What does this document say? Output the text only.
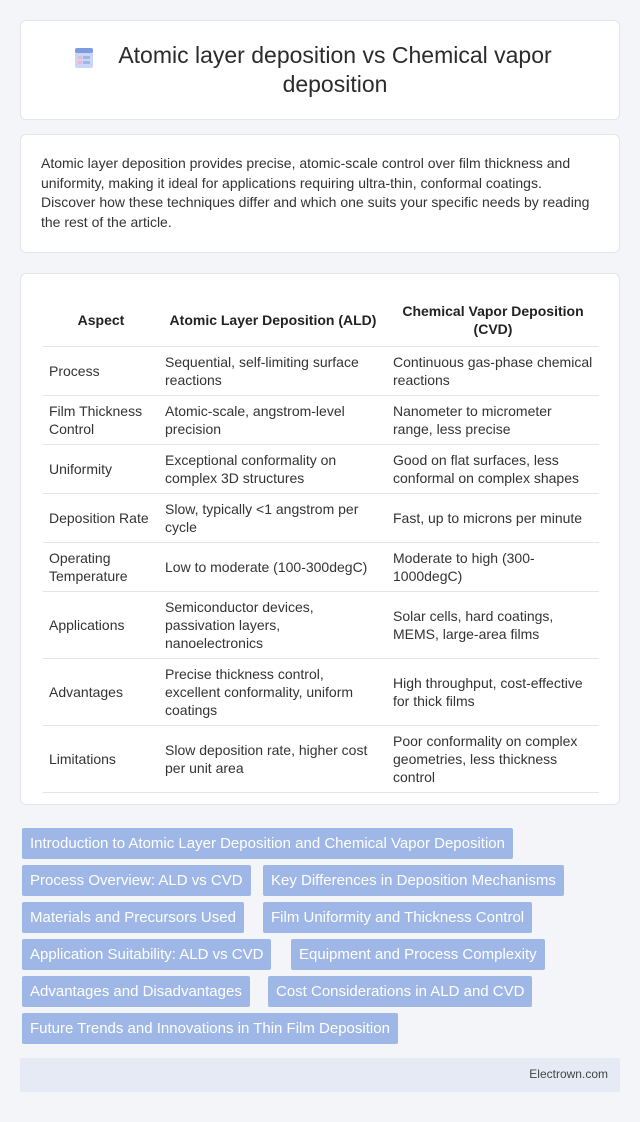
Atomic layer deposition vs Chemical vapor deposition

Atomic layer deposition provides precise, atomic-scale control over film thickness and uniformity, making it ideal for applications requiring ultra-thin, conformal coatings. Discover how these techniques differ and which one suits your specific needs by reading the rest of the article.

Aspect	Atomic Layer Deposition (ALD)	Chemical Vapor Deposition (CVD)
Process	Sequential, self-limiting surface reactions	Continuous gas-phase chemical reactions
Film Thickness Control	Atomic-scale, angstrom-level precision	Nanometer to micrometer range, less precise
Uniformity	Exceptional conformality on complex 3D structures	Good on flat surfaces, less conformal on complex shapes
Deposition Rate	Slow, typically <1 angstrom per cycle	Fast, up to microns per minute
Operating Temperature	Low to moderate (100-300degC)	Moderate to high (300-1000degC)
Applications	Semiconductor devices, passivation layers, nanoelectronics	Solar cells, hard coatings, MEMS, large-area films
Advantages	Precise thickness control, excellent conformality, uniform coatings	High throughput, cost-effective for thick films
Limitations	Slow deposition rate, higher cost per unit area	Poor conformality on complex geometries, less thickness control
Introduction to Atomic Layer Deposition and Chemical Vapor Deposition
Process Overview: ALD vs CVD	Key Differences in Deposition Mechanisms
Materials and Precursors Used	Film Uniformity and Thickness Control
Application Suitability: ALD vs CVD	Equipment and Process Complexity
Advantages and Disadvantages	Cost Considerations in ALD and CVD
Future Trends and Innovations in Thin Film Deposition
Electrown.com
